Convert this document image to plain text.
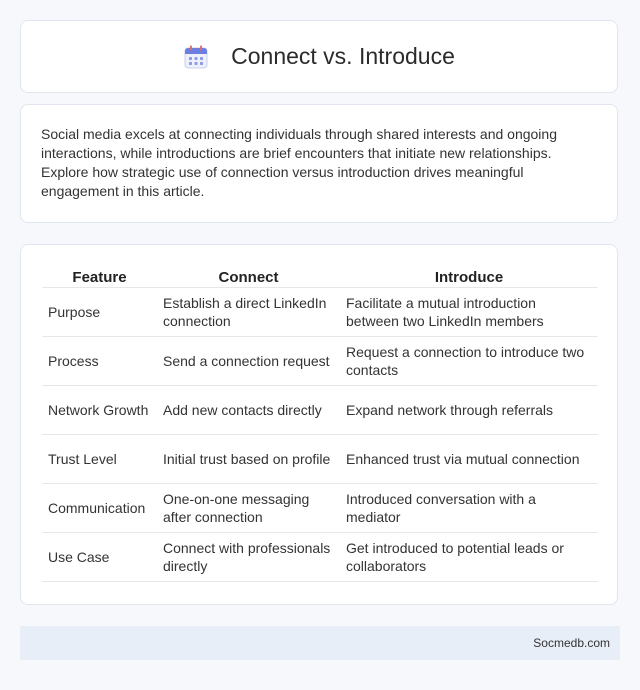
Connect vs. Introduce

Social media excels at connecting individuals through shared interests and ongoing interactions, while introductions are brief encounters that initiate new relationships. Explore how strategic use of connection versus introduction drives meaningful engagement in this article.

Feature	Connect	Introduce
Purpose	Establish a direct LinkedIn connection	Facilitate a mutual introduction between two LinkedIn members
Process	Send a connection request	Request a connection to introduce two contacts
Network Growth	Add new contacts directly	Expand network through referrals
Trust Level	Initial trust based on profile	Enhanced trust via mutual connection
Communication	One-on-one messaging after connection	Introduced conversation with a mediator
Use Case	Connect with professionals directly	Get introduced to potential leads or collaborators
Socmedb.com
